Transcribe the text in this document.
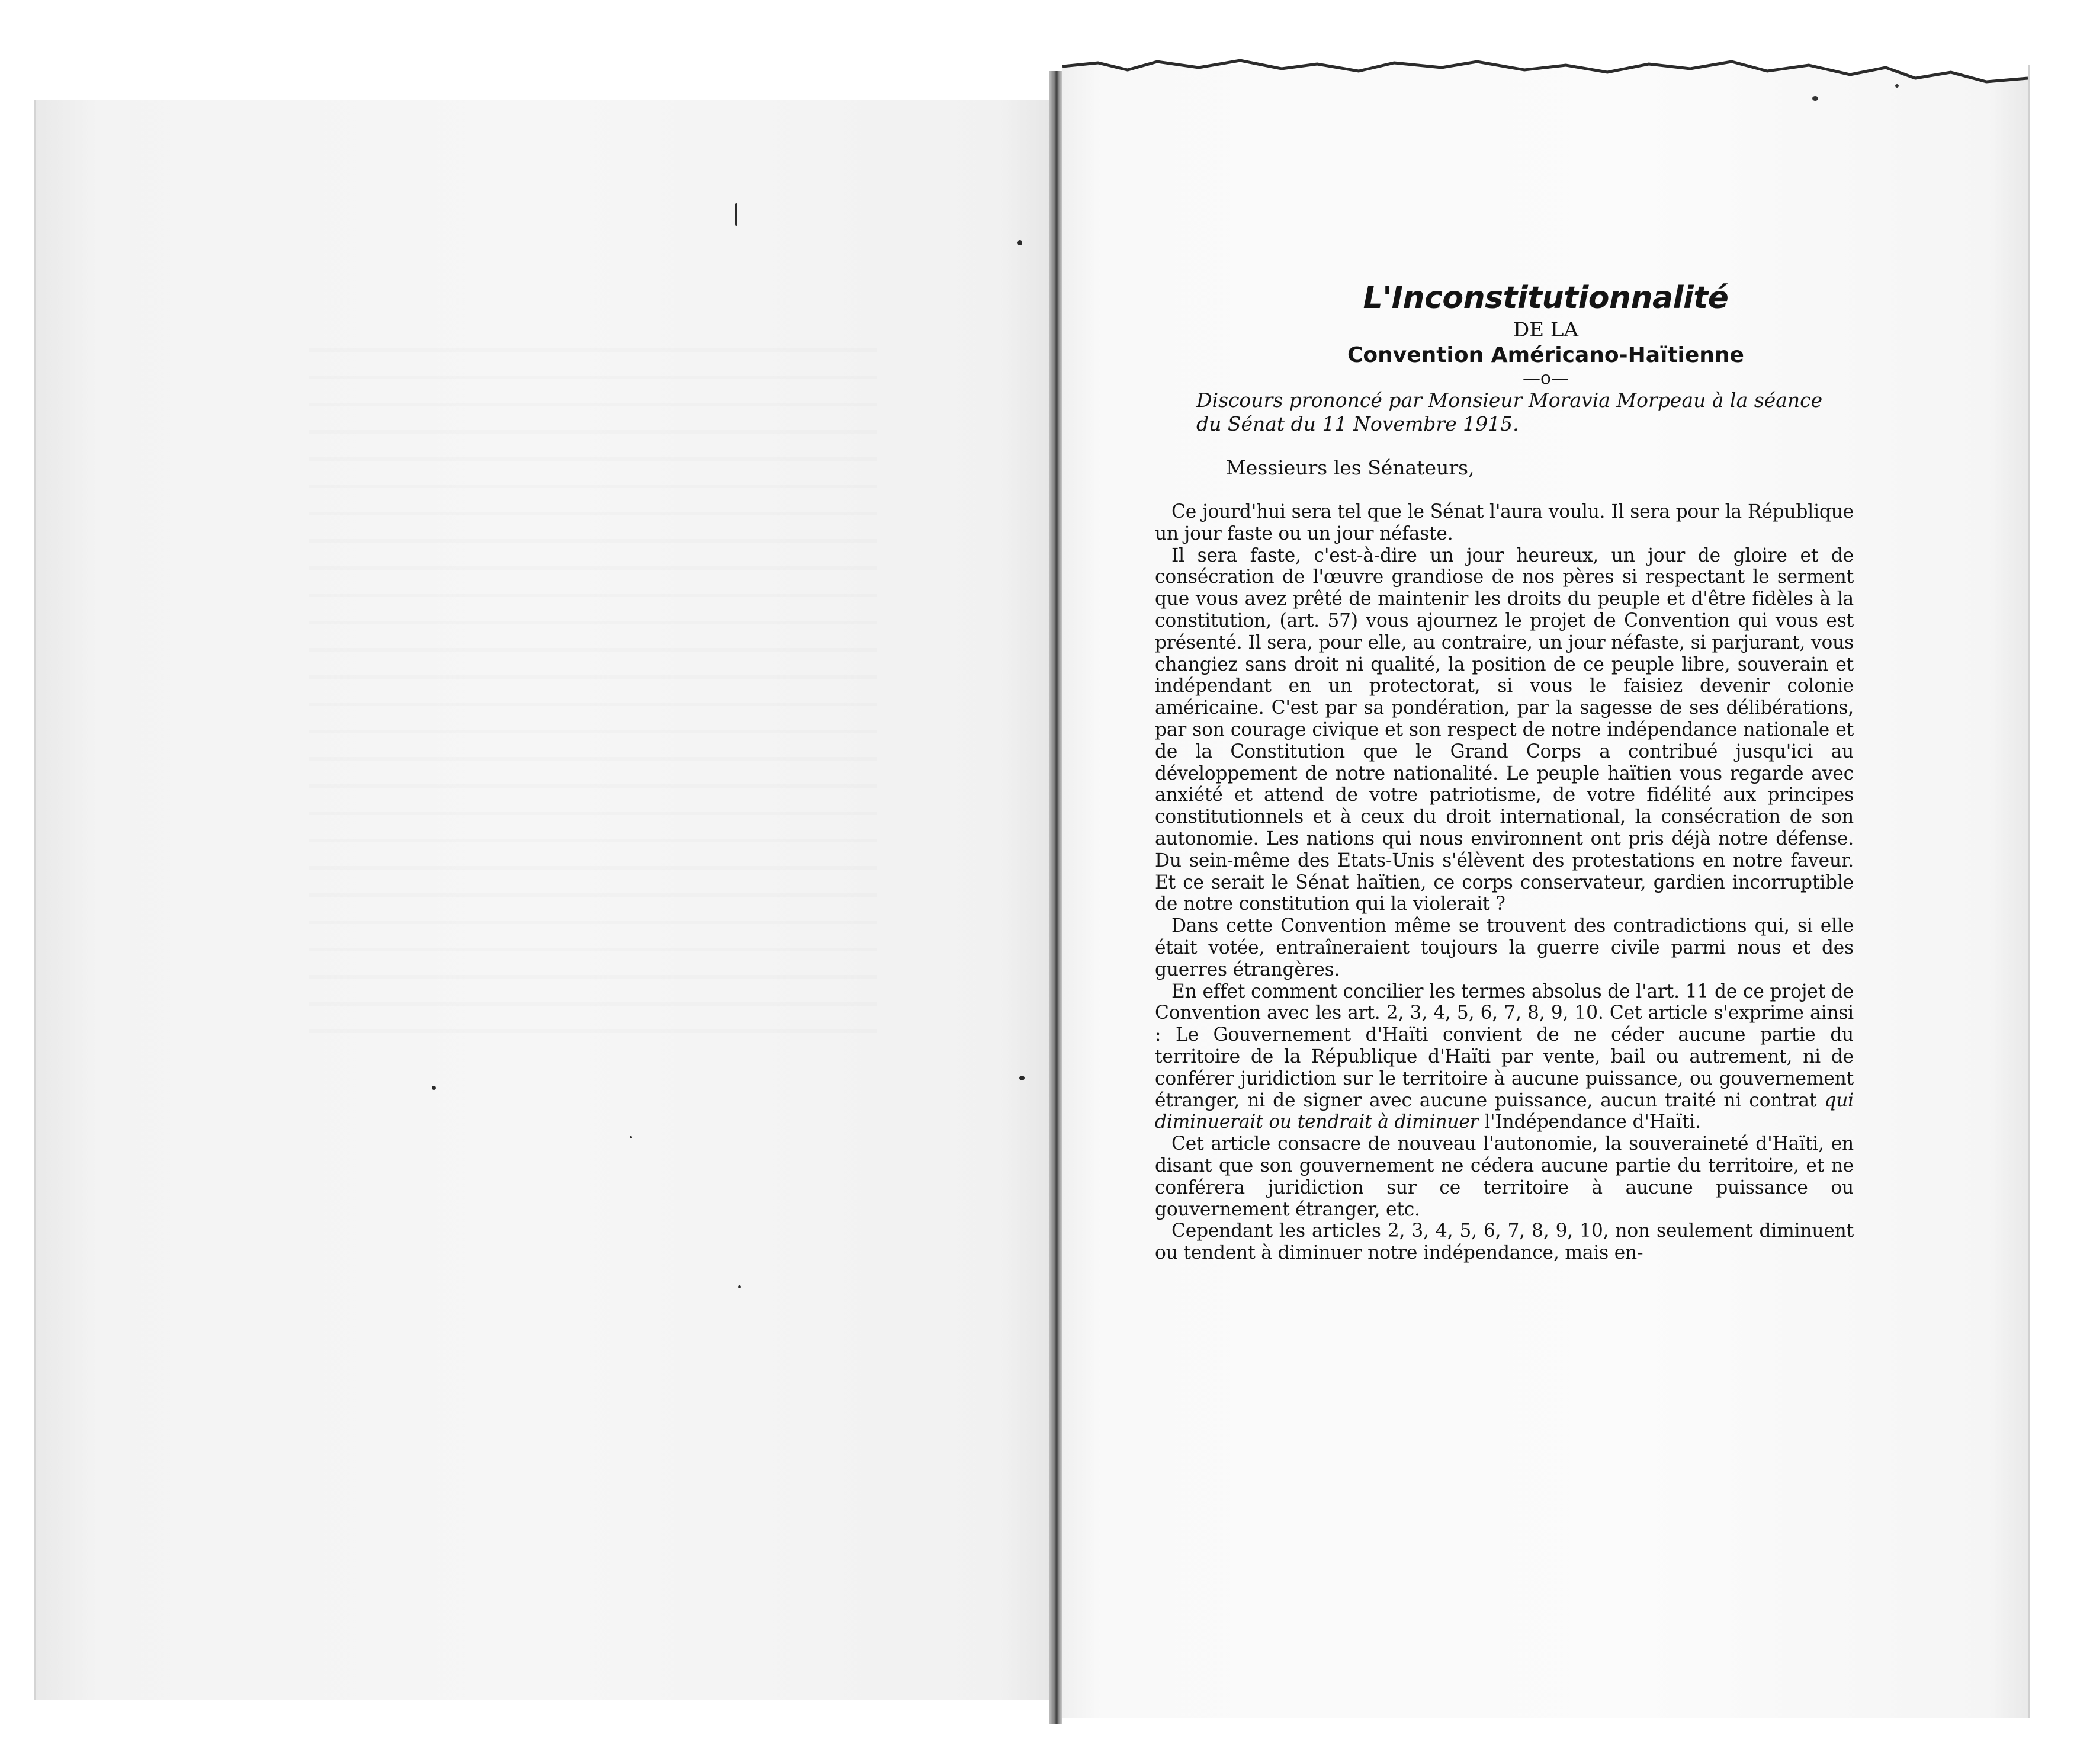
L'Inconstitutionnalité
DE LA
Convention Américano-Haïtienne
—o—
Discours prononcé par Monsieur Moravia Morpeau à la séance du Sénat du 11 Novembre 1915.
Messieurs les Sénateurs,

Ce jourd'hui sera tel que le Sénat l'aura voulu. Il sera pour la République un jour faste ou un jour néfaste.

Il sera faste, c'est-à-dire un jour heureux, un jour de gloire et de consécration de l'œuvre grandiose de nos pères si respectant le serment que vous avez prêté de maintenir les droits du peuple et d'être fidèles à la constitution, (art. 57) vous ajournez le projet de Convention qui vous est présenté. Il sera, pour elle, au contraire, un jour néfaste, si parjurant, vous changiez sans droit ni qualité, la position de ce peuple libre, souverain et indépendant en un protectorat, si vous le faisiez devenir colonie américaine. C'est par sa pondération, par la sagesse de ses délibérations, par son courage civique et son respect de notre indépendance nationale et de la Constitution que le Grand Corps a contribué jusqu'ici au développement de notre nationalité. Le peuple haïtien vous regarde avec anxiété et attend de votre patriotisme, de votre fidélité aux principes constitutionnels et à ceux du droit international, la consécration de son autonomie. Les nations qui nous environnent ont pris déjà notre défense. Du sein-même des Etats-Unis s'élèvent des protestations en notre faveur. Et ce serait le Sénat haïtien, ce corps conservateur, gardien incorruptible de notre constitution qui la violerait ?

Dans cette Convention même se trouvent des contradictions qui, si elle était votée, entraîneraient toujours la guerre civile parmi nous et des guerres étrangères.

En effet comment concilier les termes absolus de l'art. 11 de ce projet de Convention avec les art. 2, 3, 4, 5, 6, 7, 8, 9, 10. Cet article s'exprime ainsi : Le Gouvernement d'Haïti convient de ne céder aucune partie du territoire de la République d'Haïti par vente, bail ou autrement, ni de conférer juridiction sur le territoire à aucune puissance, ou gouvernement étranger, ni de signer avec aucune puissance, aucun traité ni contrat qui diminuerait ou tendrait à diminuer l'Indépendance d'Haïti.

Cet article consacre de nouveau l'autonomie, la souveraineté d'Haïti, en disant que son gouvernement ne cédera aucune partie du territoire, et ne conférera juridiction sur ce territoire à aucune puissance ou gouvernement étranger, etc.

Cependant les articles 2, 3, 4, 5, 6, 7, 8, 9, 10, non seulement diminuent ou tendent à diminuer notre indépendance, mais en-
